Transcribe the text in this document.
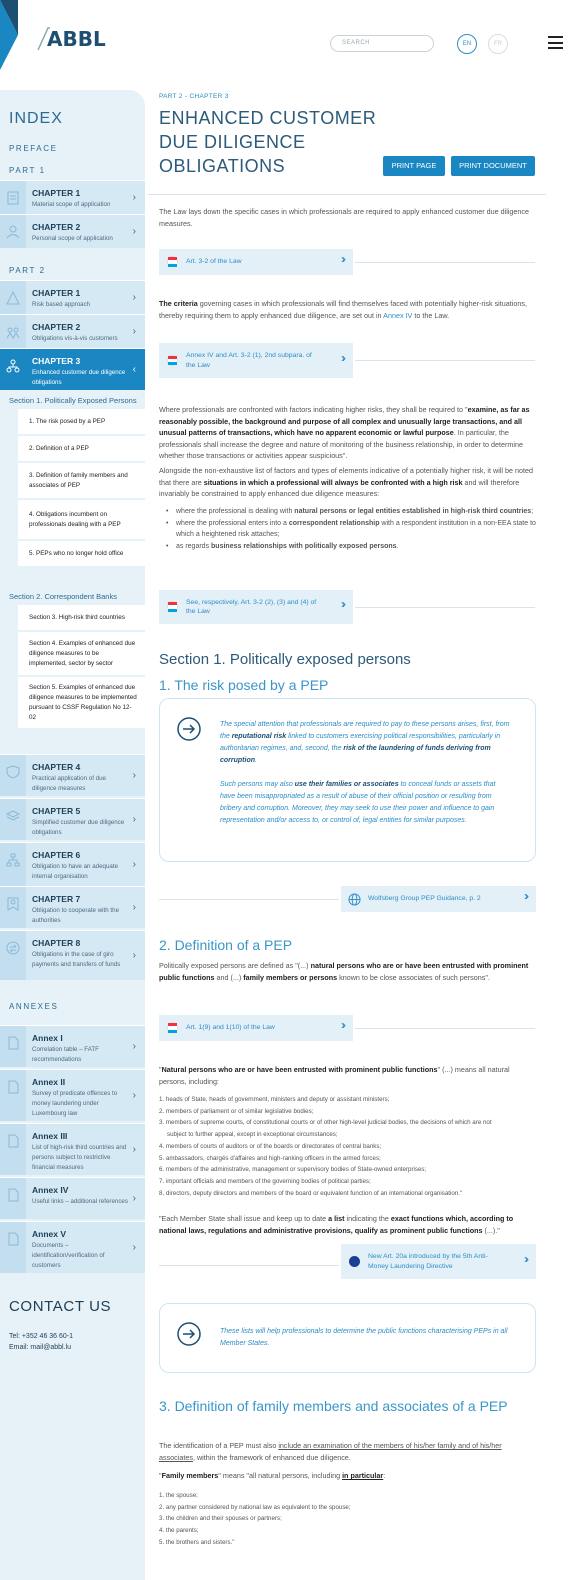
ABBL	SEARCH	EN	FR
INDEX
PREFACE
PART 1
CHAPTER 1
Material scope of application
›
CHAPTER 2
Personal scope of application
›
PART 2
CHAPTER 1
Risk based approach
›
CHAPTER 2
Obligations vis-à-vis customers
›
CHAPTER 3
Enhanced customer due diligence obligations
‹
Section 1. Politically Exposed Persons
1. The risk posed by a PEP
2. Definition of a PEP
3. Definition of family members and associates of PEP
4. Obligations incumbent on professionals dealing with a PEP
5. PEPs who no longer hold office
Section 2. Correspondent Banks
Section 3. High-risk third countries
Section 4. Examples of enhanced due diligence measures to be implemented, sector by sector
Section 5. Examples of enhanced due diligence measures to be implemented pursuant to CSSF Regulation No 12-02
CHAPTER 4
Practical application of due diligence measures
›
CHAPTER 5
Simplified customer due diligence obligations
›
CHAPTER 6
Obligation to have an adequate internal organisation
›
CHAPTER 7
Obligation to cooperate with the authorities
›
CHAPTER 8
Obligations in the case of giro payments and transfers of funds
›
ANNEXES
Annex I
Correlation table – FATF recommendations
›
Annex II
Survey of predicate offences to money laundering under Luxembourg law
›
Annex III
List of high-risk third countries and persons subject to restrictive financial measures
›
Annex IV
Useful links – additional references ›
Annex V
Documents – identification/verification of customers
›
CONTACT US
Tel: +352 46 36 60-1
Email: mail@abbl.lu
PART 2 - CHAPTER 3
ENHANCED CUSTOMER DUE DILIGENCE OBLIGATIONS	PRINT PAGE	PRINT DOCUMENT

The Law lays down the specific cases in which professionals are required to apply enhanced customer due diligence measures.

Art. 3-2 of the Law	››

The criteria governing cases in which professionals will find themselves faced with potentially higher-risk situations, thereby requiring them to apply enhanced due diligence, are set out in Annex IV to the Law.

Annex IV and Art. 3-2 (1), 2nd subpara. of the Law
››

Where professionals are confronted with factors indicating higher risks, they shall be required to "examine, as far as reasonably possible, the background and purpose of all complex and unusually large transactions, and all unusual patterns of transactions, which have no apparent economic or lawful purpose. In particular, the professionals shall increase the degree and nature of monitoring of the business relationship, in order to determine whether those transactions or activities appear suspicious".

Alongside the non-exhaustive list of factors and types of elements indicative of a potentially higher risk, it will be noted that there are situations in which a professional will always be confronted with a high risk and will therefore invariably be constrained to apply enhanced due diligence measures:

• where the professional is dealing with natural persons or legal entities established in high-risk third countries;
• where the professional enters into a correspondent relationship with a respondent institution in a non-EEA state to which a heightened risk attaches;
• as regards business relationships with politically exposed persons.
See, respectively, Art. 3-2 (2), (3) and (4) of the Law
››
Section 1. Politically exposed persons
1. The risk posed by a PEP
The special attention that professionals are required to pay to these persons arises, first, from the reputational risk linked to customers exercising political responsibilities, particularly in authoritarian regimes, and, second, the risk of the laundering of funds deriving from corruption.

Such persons may also use their families or associates to conceal funds or assets that have been misappropriated as a result of abuse of their official position or resulting from bribery and corruption. Moreover, they may seek to use their power and influence to gain representation and/or access to, or control of, legal entities for similar purposes.
Wolfsberg Group PEP Guidance, p. 2	››
2. Definition of a PEP

Politically exposed persons are defined as "(...) natural persons who are or have been entrusted with prominent public functions and (...) family members or persons known to be close associates of such persons".

Art. 1(9) and 1(10) of the Law	››

"Natural persons who are or have been entrusted with prominent public functions" (...) means all natural persons, including:

1. heads of State, heads of government, ministers and deputy or assistant ministers;
2. members of parliament or of similar legislative bodies;
3. members of supreme courts, of constitutional courts or of other high-level judicial bodies, the decisions of which are not
subject to further appeal, except in exceptional circumstances;
4. members of courts of auditors or of the boards or directorates of central banks;
5. ambassadors, chargés d'affaires and high-ranking officers in the armed forces;
6. members of the administrative, management or supervisory bodies of State-owned enterprises;
7. important officials and members of the governing bodies of political parties;
8. directors, deputy directors and members of the board or equivalent function of an international organisation."

"Each Member State shall issue and keep up to date a list indicating the exact functions which, according to national laws, regulations and administrative provisions, qualify as prominent public functions (...)."

New Art. 20a introduced by the 5th Anti-Money Laundering Directive
››
These lists will help professionals to determine the public functions characterising PEPs in all Member States.
3. Definition of family members and associates of a PEP

The identification of a PEP must also include an examination of the members of his/her family and of his/her associates, within the framework of enhanced due diligence.

"Family members" means "all natural persons, including in particular:

1. the spouse;
2. any partner considered by national law as equivalent to the spouse;
3. the children and their spouses or partners;
4. the parents;
5. the brothers and sisters."
